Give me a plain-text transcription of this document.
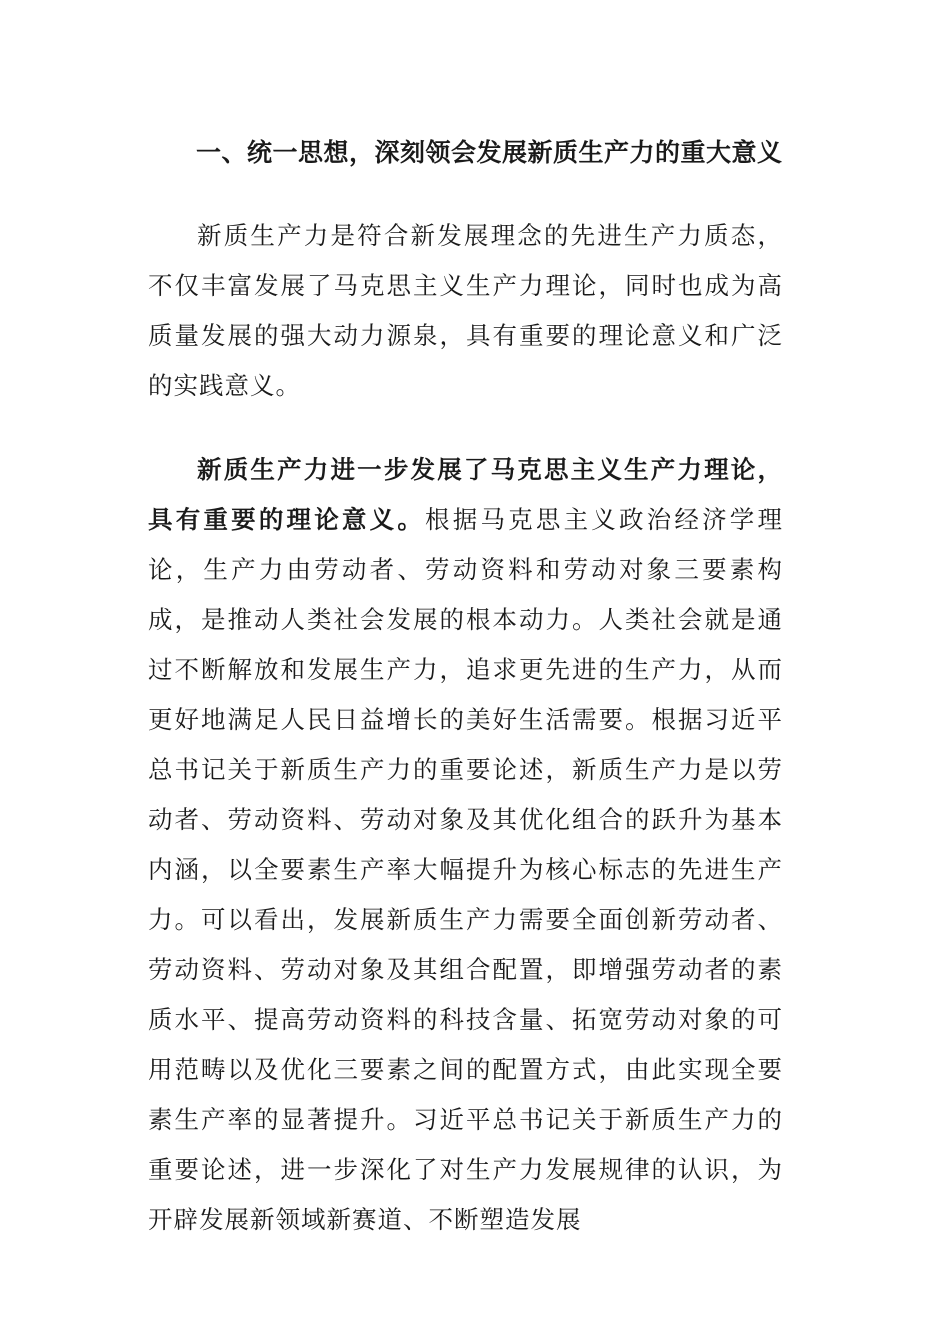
一、统一思想，深刻领会发展新质生产力的重大意义

新质生产力是符合新发展理念的先进生产力质态，不仅丰富发展了马克思主义生产力理论，同时也成为高质量发展的强大动力源泉，具有重要的理论意义和广泛的实践意义。

新质生产力进一步发展了马克思主义生产力理论，具有重要的理论意义。根据马克思主义政治经济学理论，生产力由劳动者、劳动资料和劳动对象三要素构成，是推动人类社会发展的根本动力。人类社会就是通过不断解放和发展生产力，追求更先进的生产力，从而更好地满足人民日益增长的美好生活需要。根据习近平总书记关于新质生产力的重要论述，新质生产力是以劳动者、劳动资料、劳动对象及其优化组合的跃升为基本内涵，以全要素生产率大幅提升为核心标志的先进生产力。可以看出，发展新质生产力需要全面创新劳动者、劳动资料、劳动对象及其组合配置，即增强劳动者的素质水平、提高劳动资料的科技含量、拓宽劳动对象的可用范畴以及优化三要素之间的配置方式，由此实现全要素生产率的显著提升。习近平总书记关于新质生产力的重要论述，进一步深化了对生产力发展规律的认识，为开辟发展新领域新赛道、不断塑造发展
